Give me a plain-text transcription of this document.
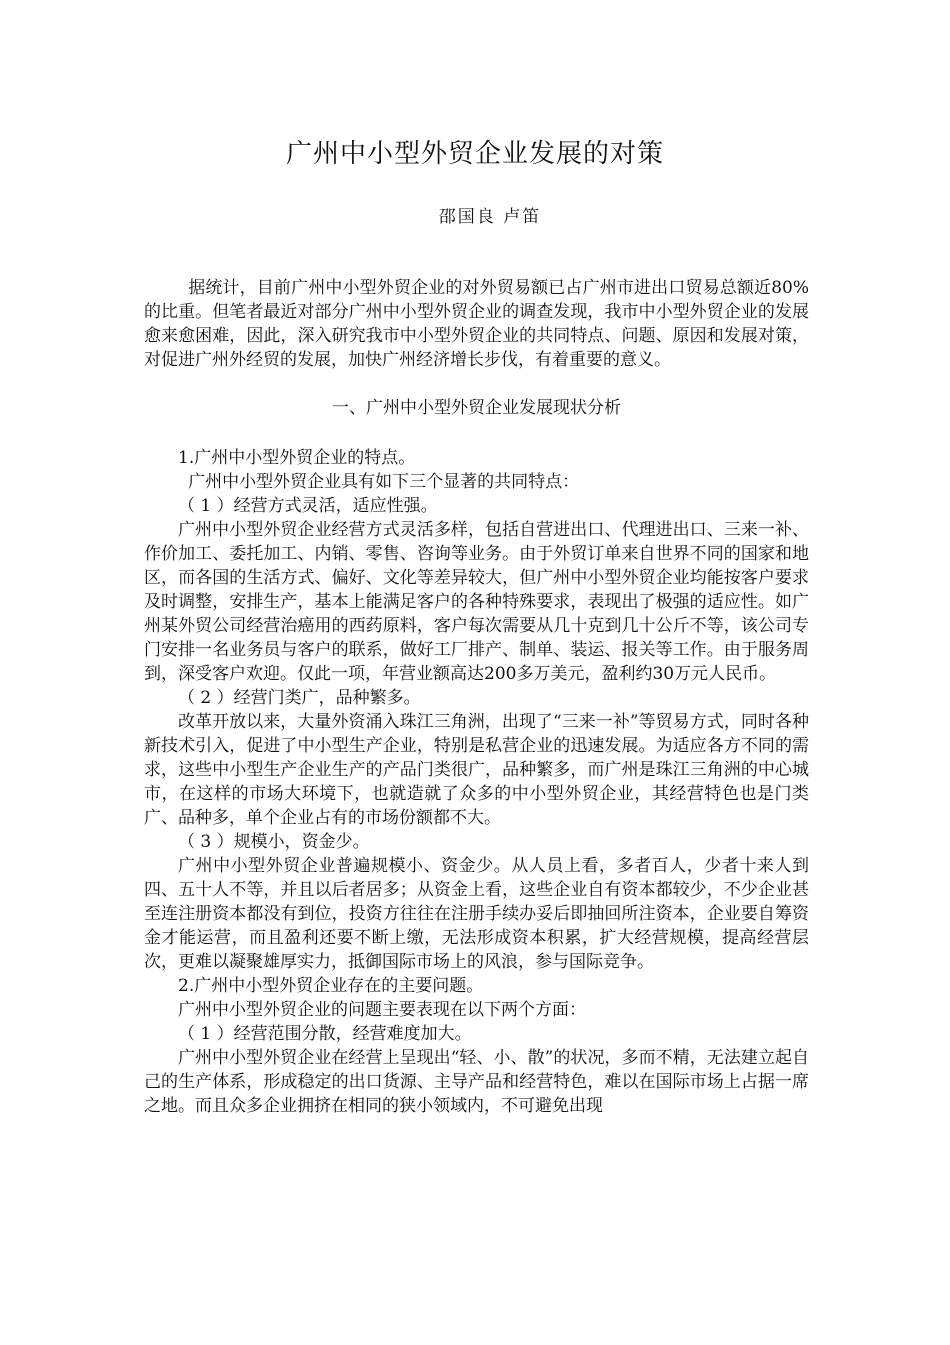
广州中小型外贸企业发展的对策
邵国良 卢笛

据统计，目前广州中小型外贸企业的对外贸易额已占广州市进出口贸易总额近80%的比重。但笔者最近对部分广州中小型外贸企业的调查发现，我市中小型外贸企业的发展愈来愈困难，因此，深入研究我市中小型外贸企业的共同特点、问题、原因和发展对策，对促进广州外经贸的发展，加快广州经济增长步伐，有着重要的意义。

一、广州中小型外贸企业发展现状分析

1.广州中小型外贸企业的特点。

广州中小型外贸企业具有如下三个显著的共同特点：

（ 1 ）经营方式灵活，适应性强。

广州中小型外贸企业经营方式灵活多样，包括自营进出口、代理进出口、三来一补、作价加工、委托加工、内销、零售、咨询等业务。由于外贸订单来自世界不同的国家和地区，而各国的生活方式、偏好、文化等差异较大，但广州中小型外贸企业均能按客户要求及时调整，安排生产，基本上能满足客户的各种特殊要求，表现出了极强的适应性。如广州某外贸公司经营治癌用的西药原料，客户每次需要从几十克到几十公斤不等，该公司专门安排一名业务员与客户的联系，做好工厂排产、制单、装运、报关等工作。由于服务周到，深受客户欢迎。仅此一项，年营业额高达200多万美元，盈利约30万元人民币。

（ 2 ）经营门类广，品种繁多。

改革开放以来，大量外资涌入珠江三角洲，出现了“三来一补”等贸易方式，同时各种新技术引入，促进了中小型生产企业，特别是私营企业的迅速发展。为适应各方不同的需求，这些中小型生产企业生产的产品门类很广，品种繁多，而广州是珠江三角洲的中心城市，在这样的市场大环境下，也就造就了众多的中小型外贸企业，其经营特色也是门类广、品种多，单个企业占有的市场份额都不大。

（ 3 ）规模小，资金少。

广州中小型外贸企业普遍规模小、资金少。从人员上看，多者百人，少者十来人到四、五十人不等，并且以后者居多；从资金上看，这些企业自有资本都较少，不少企业甚至连注册资本都没有到位，投资方往往在注册手续办妥后即抽回所注资本，企业要自筹资金才能运营，而且盈利还要不断上缴，无法形成资本积累，扩大经营规模，提高经营层次，更难以凝聚雄厚实力，抵御国际市场上的风浪，参与国际竞争。

2.广州中小型外贸企业存在的主要问题。

广州中小型外贸企业的问题主要表现在以下两个方面：

（ 1 ）经营范围分散，经营难度加大。

广州中小型外贸企业在经营上呈现出“轻、小、散”的状况，多而不精，无法建立起自己的生产体系，形成稳定的出口货源、主导产品和经营特色，难以在国际市场上占据一席之地。而且众多企业拥挤在相同的狭小领域内，不可避免出现
